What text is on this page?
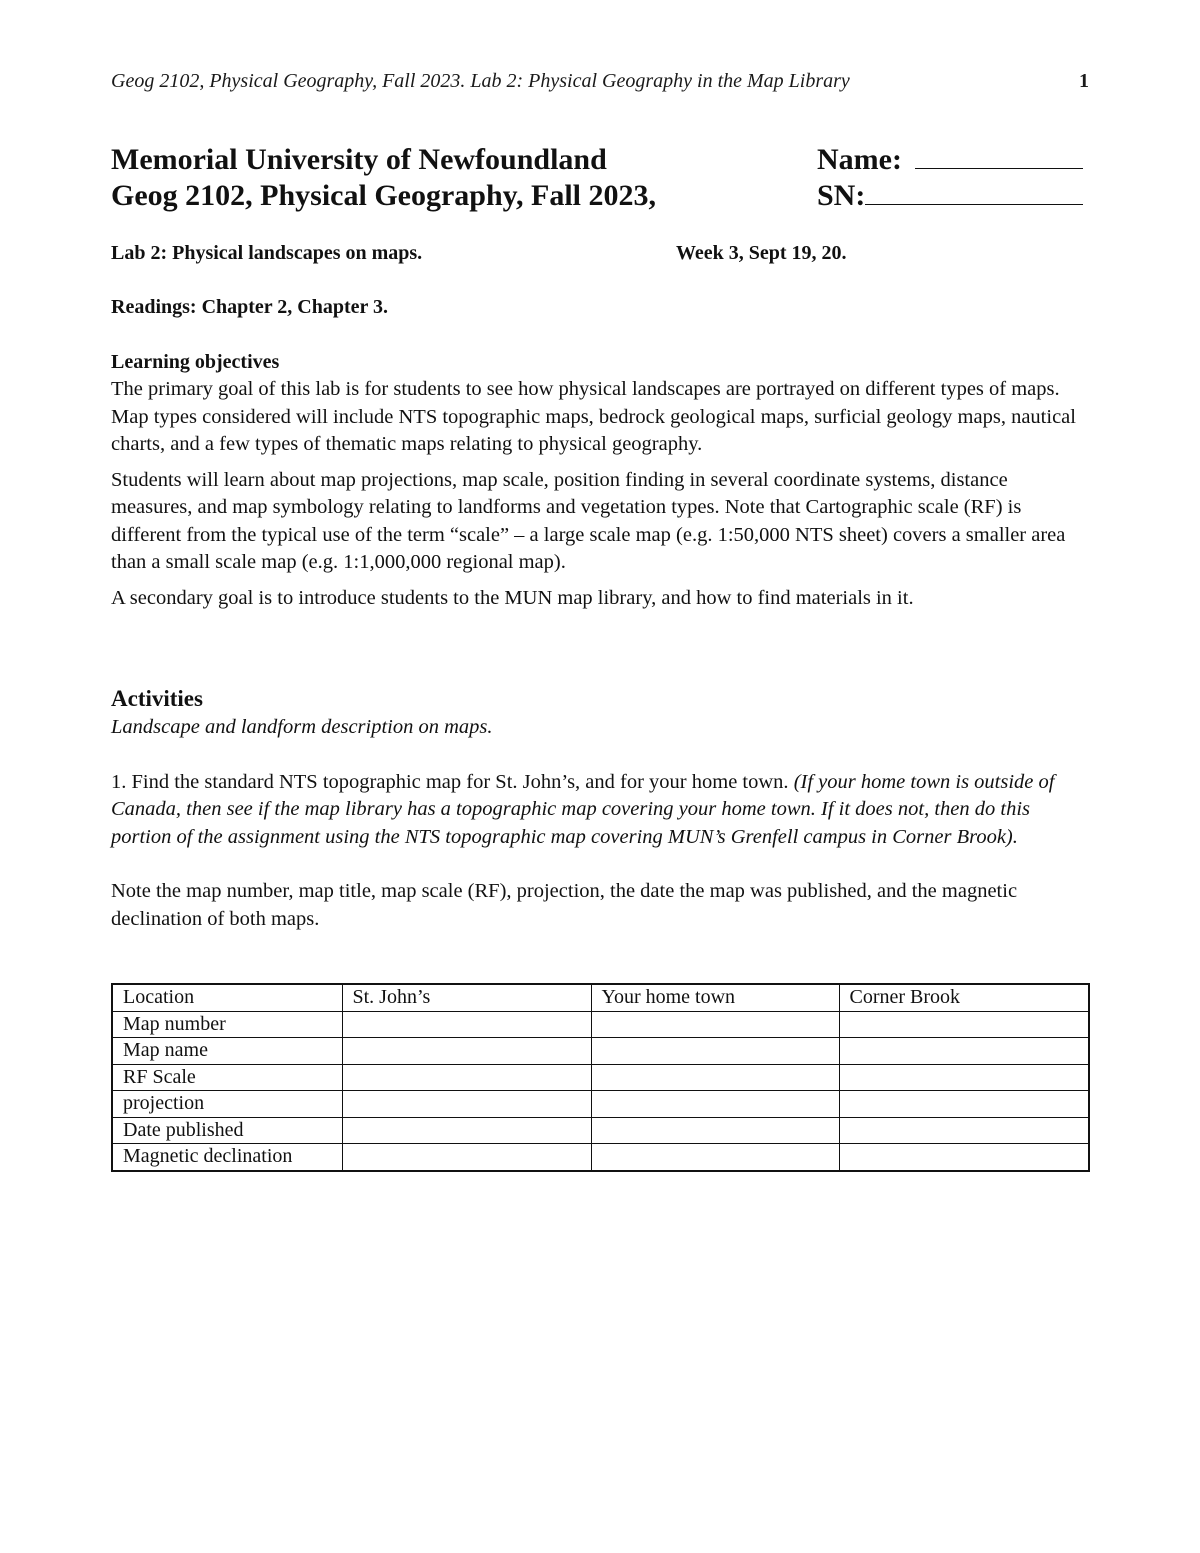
Geog 2102, Physical Geography, Fall 2023. Lab 2: Physical Geography in the Map Library	1
Memorial University of Newfoundland	Name:
Geog 2102, Physical Geography, Fall 2023,	SN:
Lab 2: Physical landscapes on maps.	Week 3, Sept 19, 20.
Readings: Chapter 2, Chapter 3.
Learning objectives

The primary goal of this lab is for students to see how physical landscapes are portrayed on different types of maps. Map types considered will include NTS topographic maps, bedrock geological maps, surficial geology maps, nautical charts, and a few types of thematic maps relating to physical geography.

Students will learn about map projections, map scale, position finding in several coordinate systems, distance measures, and map symbology relating to landforms and vegetation types. Note that Cartographic scale (RF) is different from the typical use of the term “scale” – a large scale map (e.g. 1:50,000 NTS sheet) covers a smaller area than a small scale map (e.g. 1:1,000,000 regional map).

A secondary goal is to introduce students to the MUN map library, and how to find materials in it.

Activities
Landscape and landform description on maps.

1. Find the standard NTS topographic map for St. John’s, and for your home town. (If your home town is outside of Canada, then see if the map library has a topographic map covering your home town. If it does not, then do this portion of the assignment using the NTS topographic map covering MUN’s Grenfell campus in Corner Brook).

Note the map number, map title, map scale (RF), projection, the date the map was published, and the magnetic declination of both maps.

Location	St. John’s	Your home town	Corner Brook
Map number			
Map name			
RF Scale			
projection			
Date published			
Magnetic declination			
